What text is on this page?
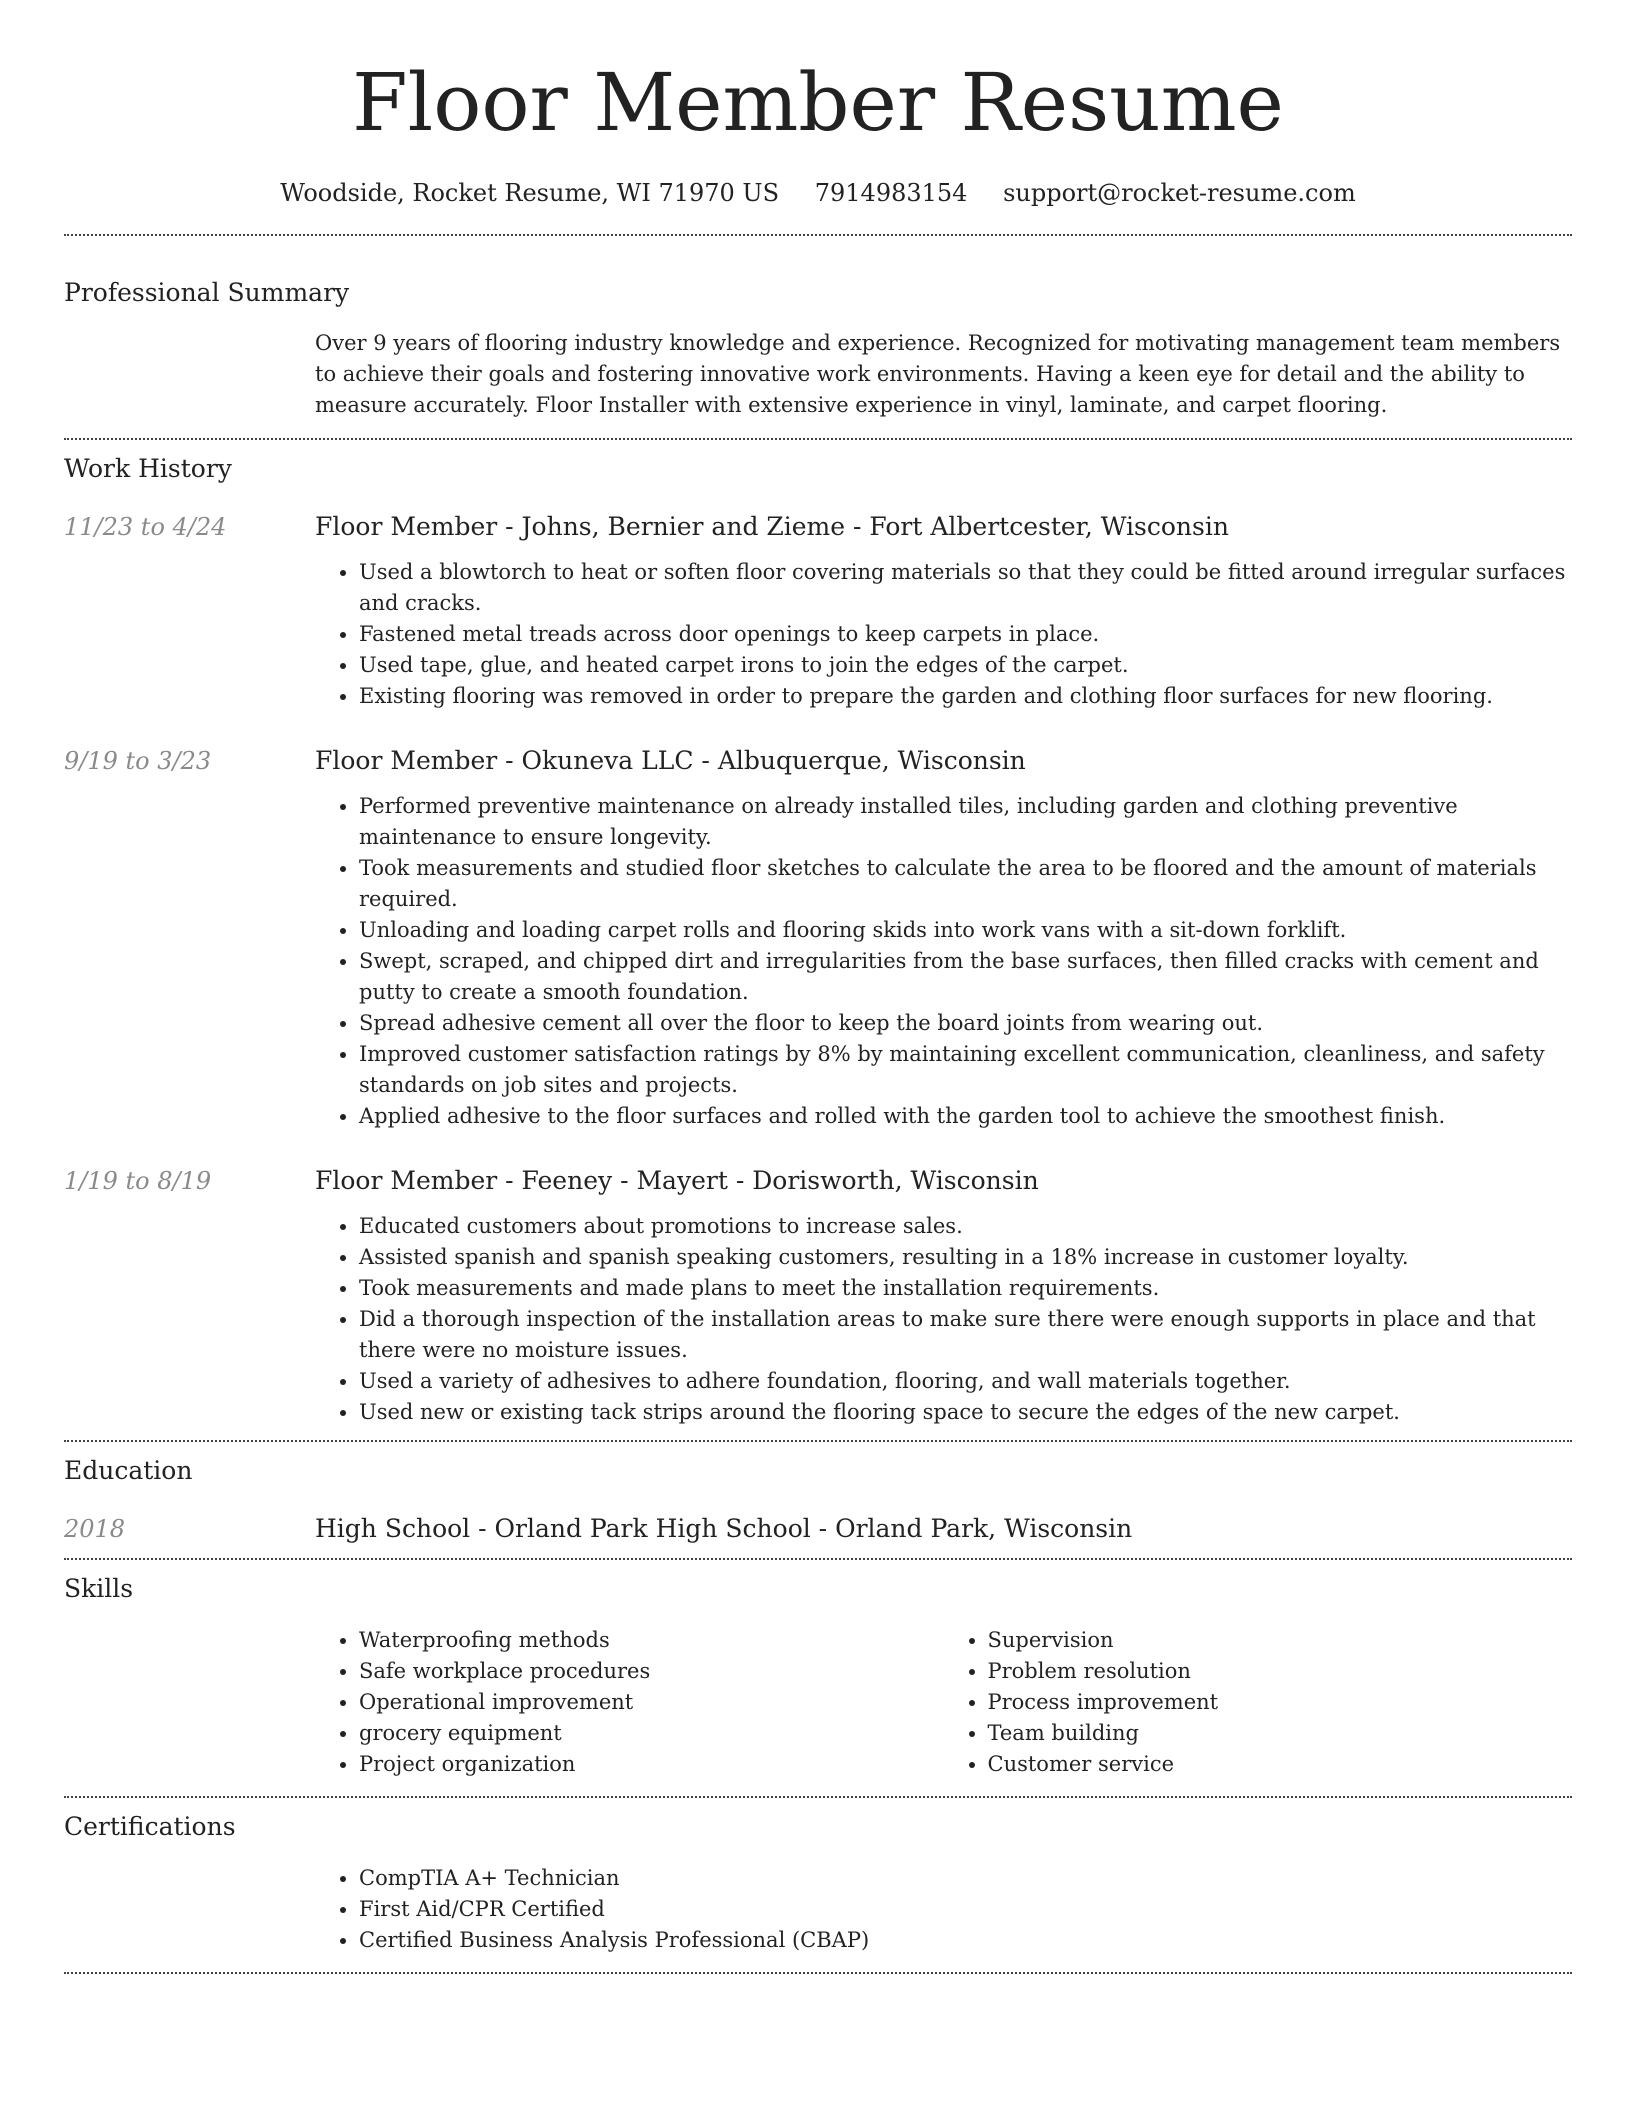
Floor Member Resume
Woodside, Rocket Resume, WI 71970 US 7914983154 support@rocket-resume.com
Professional Summary
Over 9 years of flooring industry knowledge and experience. Recognized for motivating management team members to achieve their goals and fostering innovative work environments. Having a keen eye for detail and the ability to measure accurately. Floor Installer with extensive experience in vinyl, laminate, and carpet flooring.
Work History
11/23 to 4/24	Floor Member - Johns, Bernier and Zieme - Fort Albertcester, Wisconsin
• Used a blowtorch to heat or soften floor covering materials so that they could be fitted around irregular surfaces and cracks.
• Fastened metal treads across door openings to keep carpets in place.
• Used tape, glue, and heated carpet irons to join the edges of the carpet.
• Existing flooring was removed in order to prepare the garden and clothing floor surfaces for new flooring.
9/19 to 3/23	Floor Member - Okuneva LLC - Albuquerque, Wisconsin
• Performed preventive maintenance on already installed tiles, including garden and clothing preventive maintenance to ensure longevity.
• Took measurements and studied floor sketches to calculate the area to be floored and the amount of materials required.
• Unloading and loading carpet rolls and flooring skids into work vans with a sit-down forklift.
• Swept, scraped, and chipped dirt and irregularities from the base surfaces, then filled cracks with cement and putty to create a smooth foundation.
• Spread adhesive cement all over the floor to keep the board joints from wearing out.
• Improved customer satisfaction ratings by 8% by maintaining excellent communication, cleanliness, and safety standards on job sites and projects.
• Applied adhesive to the floor surfaces and rolled with the garden tool to achieve the smoothest finish.
1/19 to 8/19	Floor Member - Feeney - Mayert - Dorisworth, Wisconsin
• Educated customers about promotions to increase sales.
• Assisted spanish and spanish speaking customers, resulting in a 18% increase in customer loyalty.
• Took measurements and made plans to meet the installation requirements.
• Did a thorough inspection of the installation areas to make sure there were enough supports in place and that there were no moisture issues.
• Used a variety of adhesives to adhere foundation, flooring, and wall materials together.
• Used new or existing tack strips around the flooring space to secure the edges of the new carpet.
Education
2018	High School - Orland Park High School - Orland Park, Wisconsin
Skills
• Waterproofing methods
• Safe workplace procedures
• Operational improvement
• grocery equipment
• Project organization
• Supervision
• Problem resolution
• Process improvement
• Team building
• Customer service
Certifications
• CompTIA A+ Technician
• First Aid/CPR Certified
• Certified Business Analysis Professional (CBAP)
